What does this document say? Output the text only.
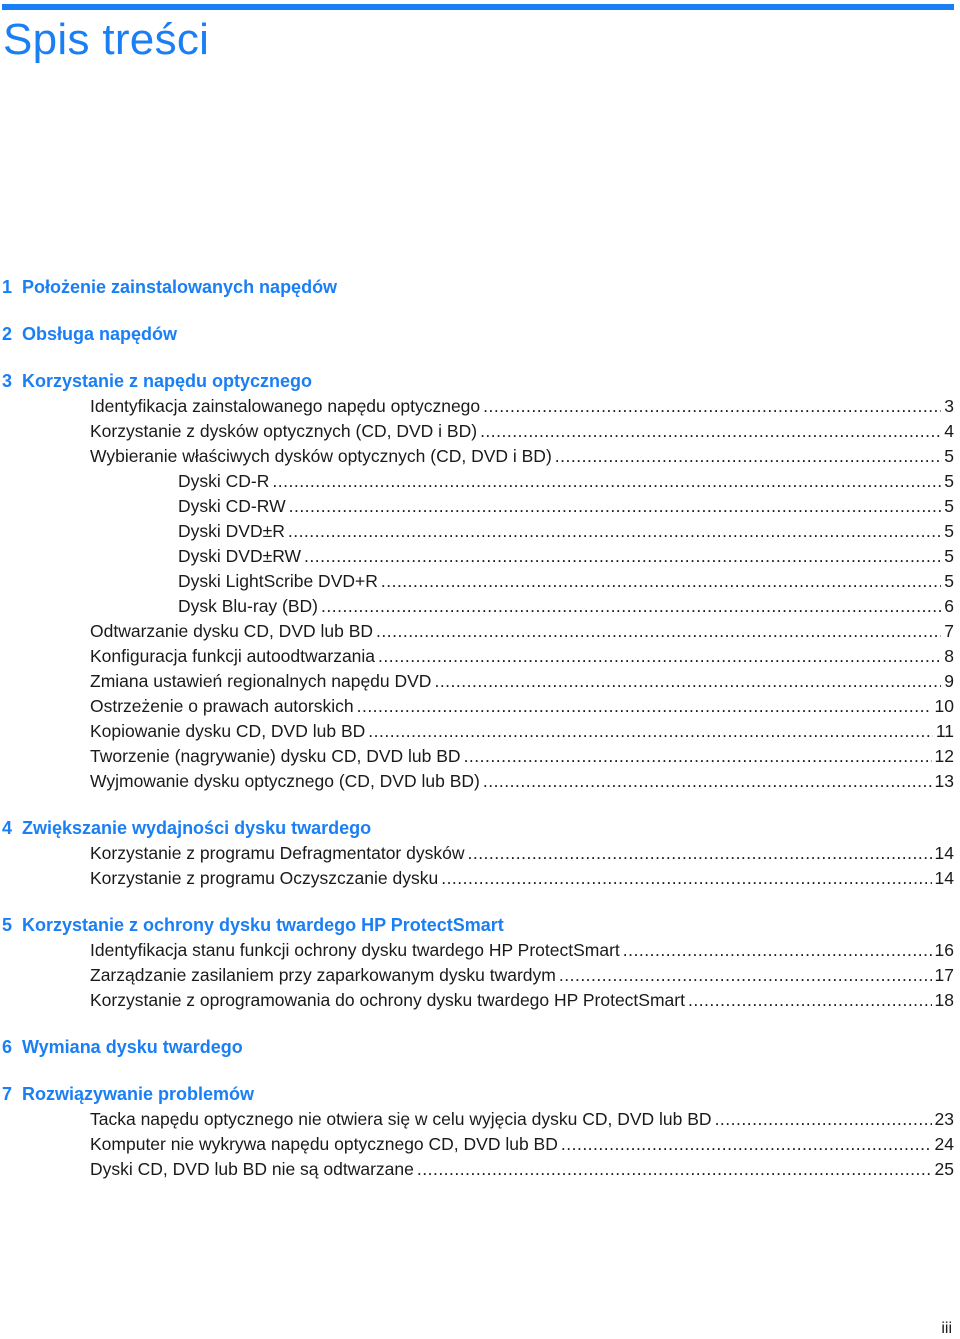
Spis treści
1 Położenie zainstalowanych napędów
2 Obsługa napędów
3 Korzystanie z napędu optycznego
Identyfikacja zainstalowanego napędu optycznego .....	3
Korzystanie z dysków optycznych (CD, DVD i BD) .....	4
Wybieranie właściwych dysków optycznych (CD, DVD i BD) .....	5
Dyski CD-R .....	5
Dyski CD-RW .....	5
Dyski DVD±R .....	5
Dyski DVD±RW .....	5
Dyski LightScribe DVD+R .....	5
Dysk Blu-ray (BD) .....	6
Odtwarzanie dysku CD, DVD lub BD .....	7
Konfiguracja funkcji autoodtwarzania .....	8
Zmiana ustawień regionalnych napędu DVD .....	9
Ostrzeżenie o prawach autorskich .....	10
Kopiowanie dysku CD, DVD lub BD .....	11
Tworzenie (nagrywanie) dysku CD, DVD lub BD .....	12
Wyjmowanie dysku optycznego (CD, DVD lub BD) .....	13
4 Zwiększanie wydajności dysku twardego
Korzystanie z programu Defragmentator dysków .....	14
Korzystanie z programu Oczyszczanie dysku .....	14
5 Korzystanie z ochrony dysku twardego HP ProtectSmart
Identyfikacja stanu funkcji ochrony dysku twardego HP ProtectSmart .....	16
Zarządzanie zasilaniem przy zaparkowanym dysku twardym .....	17
Korzystanie z oprogramowania do ochrony dysku twardego HP ProtectSmart .....	18
6 Wymiana dysku twardego
7 Rozwiązywanie problemów
Tacka napędu optycznego nie otwiera się w celu wyjęcia dysku CD, DVD lub BD .....	23
Komputer nie wykrywa napędu optycznego CD, DVD lub BD .....	24
Dyski CD, DVD lub BD nie są odtwarzane .....	25
iii
